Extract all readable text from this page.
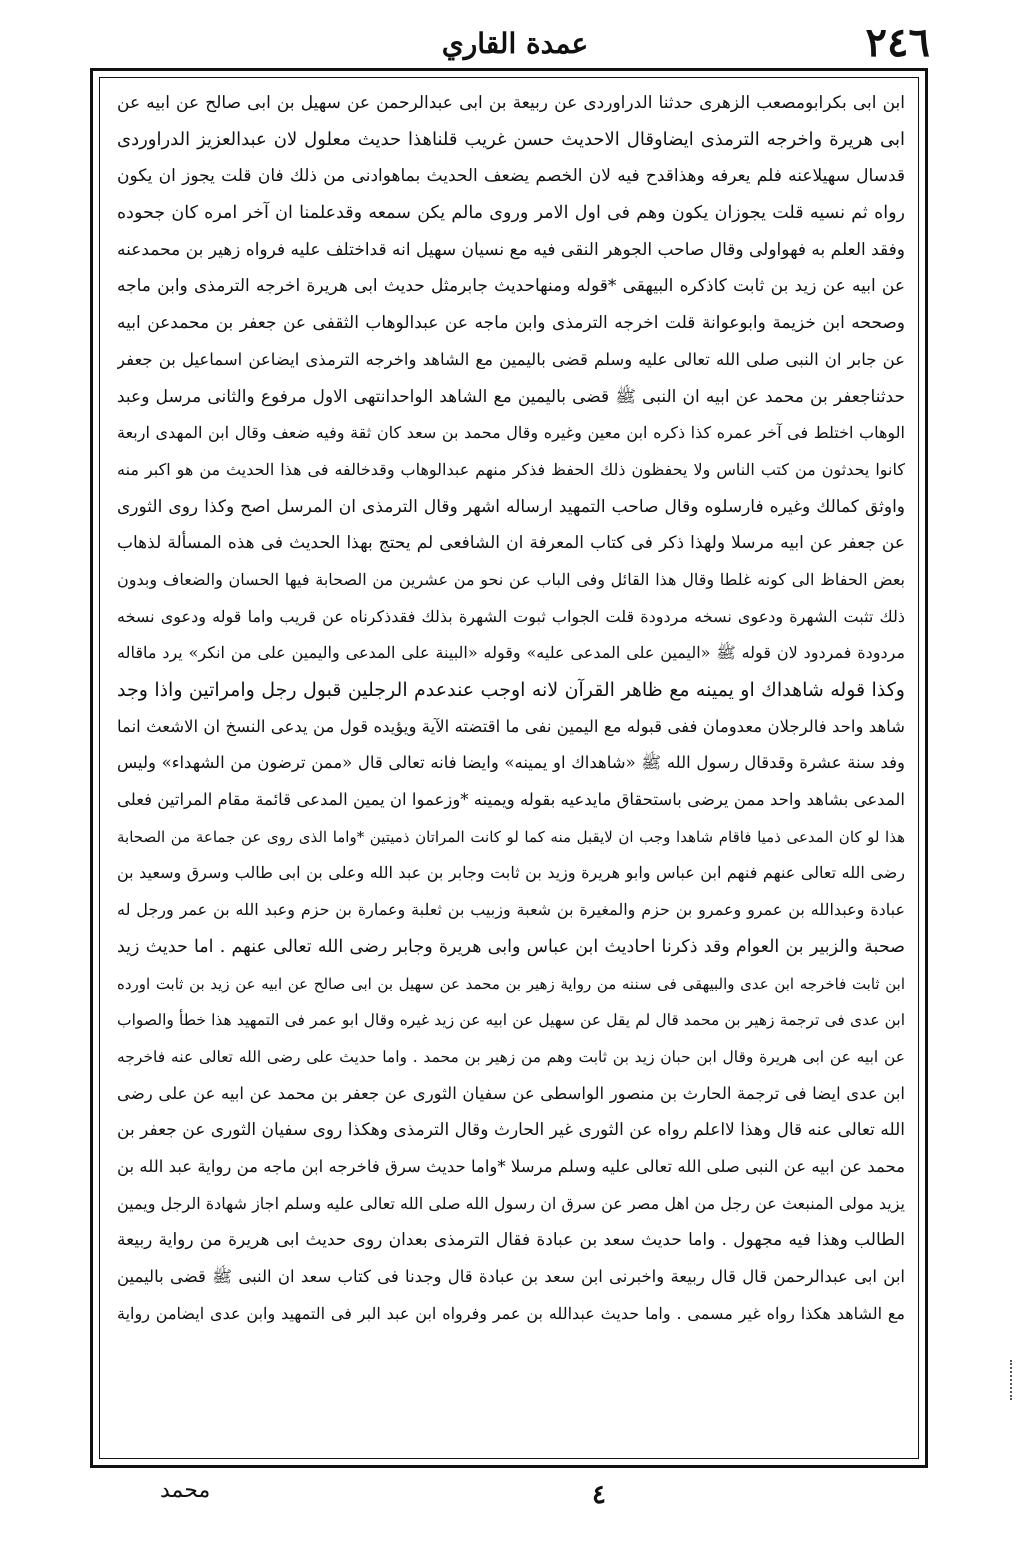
٢٤٦
عمدة القاري
ابن ابى بكرابومصعب الزهرى حدثنا الدراوردى عن ربيعة بن ابى عبدالرحمن عن سهيل بن ابى صالح عن ابيه عن
ابى هريرة واخرجه الترمذى ايضاوقال الاحديث حسن غريب قلناهذا حديث معلول لان عبدالعزيز الدراوردى
قدسال سهيلاعنه فلم يعرفه وهذاقدح فيه لان الخصم يضعف الحديث بماهوادنى من ذلك فان قلت يجوز ان يكون
رواه ثم نسيه قلت يجوزان يكون وهم فى اول الامر وروى مالم يكن سمعه وقدعلمنا ان آخر امره كان جحوده
وفقد العلم به فهواولى وقال صاحب الجوهر النقى فيه مع نسيان سهيل انه قداختلف عليه فرواه زهير بن محمدعنه
عن ابيه عن زيد بن ثابت كاذكره البيهقى *قوله ومنهاحديث جابرمثل حديث ابى هريرة اخرجه الترمذى وابن ماجه
وصححه ابن خزيمة وابوعوانة قلت اخرجه الترمذى وابن ماجه عن عبدالوهاب الثقفى عن جعفر بن محمدعن ابيه
عن جابر ان النبى صلى الله تعالى عليه وسلم قضى باليمين مع الشاهد واخرجه الترمذى ايضاعن اسماعيل بن جعفر
حدثناجعفر بن محمد عن ابيه ان النبى ﷺ قضى باليمين مع الشاهد الواحدانتهى الاول مرفوع والثانى مرسل وعبد
الوهاب اختلط فى آخر عمره كذا ذكره ابن معين وغيره وقال محمد بن سعد كان ثقة وفيه ضعف وقال ابن المهدى اربعة
كانوا يحدثون من كتب الناس ولا يحفظون ذلك الحفظ فذكر منهم عبدالوهاب وقدخالفه فى هذا الحديث من هو اكبر منه
واوثق كمالك وغيره فارسلوه وقال صاحب التمهيد ارساله اشهر وقال الترمذى ان المرسل اصح وكذا روى الثورى
عن جعفر عن ابيه مرسلا ولهذا ذكر فى كتاب المعرفة ان الشافعى لم يحتج بهذا الحديث فى هذه المسألة لذهاب
بعض الحفاظ الى كونه غلطا وقال هذا القائل وفى الباب عن نحو من عشرين من الصحابة فيها الحسان والضعاف وبدون
ذلك تثبت الشهرة ودعوى نسخه مردودة قلت الجواب ثبوت الشهرة بذلك فقدذكرناه عن قريب واما قوله ودعوى نسخه
مردودة فمردود لان قوله ﷺ «اليمين على المدعى عليه» وقوله «البينة على المدعى واليمين على من انكر» يرد ماقاله
وكذا قوله شاهداك او يمينه مع ظاهر القرآن لانه اوجب عندعدم الرجلين قبول رجل وامراتين واذا وجد
شاهد واحد فالرجلان معدومان ففى قبوله مع اليمين نفى ما اقتضته الآية ويؤيده قول من يدعى النسخ ان الاشعث انما
وفد سنة عشرة وقدقال رسول الله ﷺ «شاهداك او يمينه» وايضا فانه تعالى قال «ممن ترضون من الشهداء» وليس
المدعى بشاهد واحد ممن يرضى باستحقاق مايدعيه بقوله ويمينه *وزعموا ان يمين المدعى قائمة مقام المراتين فعلى
هذا لو كان المدعى ذميا فاقام شاهدا وجب ان لايقبل منه كما لو كانت المراتان ذميتين *واما الذى روى عن جماعة من الصحابة
رضى الله تعالى عنهم فنهم ابن عباس وابو هريرة وزيد بن ثابت وجابر بن عبد الله وعلى بن ابى طالب وسرق وسعيد بن
عبادة وعبدالله بن عمرو وعمرو بن حزم والمغيرة بن شعبة وزبيب بن ثعلبة وعمارة بن حزم وعبد الله بن عمر ورجل له
صحبة والزبير بن العوام وقد ذكرنا احاديث ابن عباس وابى هريرة وجابر رضى الله تعالى عنهم . اما حديث زيد
ابن ثابت فاخرجه ابن عدى والبيهقى فى سننه من رواية زهير بن محمد عن سهيل بن ابى صالح عن ابيه عن زيد بن ثابت اورده
ابن عدى فى ترجمة زهير بن محمد قال لم يقل عن سهيل عن ابيه عن زيد غيره وقال ابو عمر فى التمهيد هذا خطأ والصواب
عن ابيه عن ابى هريرة وقال ابن حبان زيد بن ثابت وهم من زهير بن محمد . واما حديث على رضى الله تعالى عنه فاخرجه
ابن عدى ايضا فى ترجمة الحارث بن منصور الواسطى عن سفيان الثورى عن جعفر بن محمد عن ابيه عن على رضى
الله تعالى عنه قال وهذا لااعلم رواه عن الثورى غير الحارث وقال الترمذى وهكذا روى سفيان الثورى عن جعفر بن
محمد عن ابيه عن النبى صلى الله تعالى عليه وسلم مرسلا *واما حديث سرق فاخرجه ابن ماجه من رواية عبد الله بن
يزيد مولى المنبعث عن رجل من اهل مصر عن سرق ان رسول الله صلى الله تعالى عليه وسلم اجاز شهادة الرجل ويمين
الطالب وهذا فيه مجهول . واما حديث سعد بن عبادة فقال الترمذى بعدان روى حديث ابى هريرة من رواية ربيعة
ابن ابى عبدالرحمن قال قال ربيعة واخبرنى ابن سعد بن عبادة قال وجدنا فى كتاب سعد ان النبى ﷺ قضى باليمين
مع الشاهد هكذا رواه غير مسمى . واما حديث عبدالله بن عمر وفرواه ابن عبد البر فى التمهيد وابن عدى ايضامن رواية
محمد	٤
